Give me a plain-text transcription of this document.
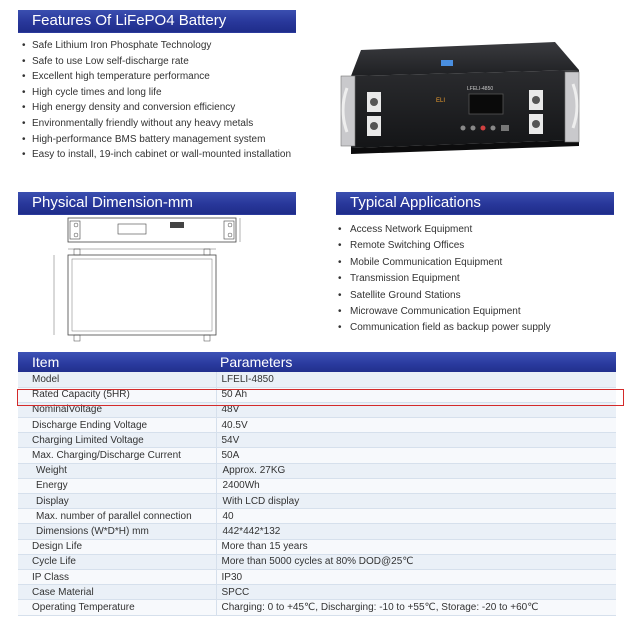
Features Of LiFePO4 Battery
• Safe Lithium Iron Phosphate Technology
• Safe to use Low self-discharge rate
• Excellent high temperature performance
• High cycle times and long life
• High energy density and conversion efficiency
• Environmentally friendly without any heavy metals
• High-performance BMS battery management system
• Easy to install, 19-inch cabinet or wall-mounted installation
ELI
LFELI-4850
Physical Dimension-mm	Typical Applications
• Access Network Equipment
• Remote Switching Offices
• Mobile Communication Equipment
• Transmission Equipment
• Satellite Ground Stations
• Microwave Communication Equipment
• Communication field as backup power supply
Item	Parameters
Model	LFELI-4850
Rated Capacity (5HR)	50 Ah
NominalVoltage	48V
Discharge Ending Voltage	40.5V
Charging Limited Voltage	54V
Max. Charging/Discharge Current	50A
Weight	Approx. 27KG
Energy	2400Wh
Display	With LCD display
Max. number of parallel connection	40
Dimensions (W*D*H) mm	442*442*132
Design Life	More than 15 years
Cycle Life	More than 5000 cycles at 80% DOD@25℃
IP Class	IP30
Case Material	SPCC
Operating Temperature	Charging: 0 to +45℃, Discharging: -10 to +55℃, Storage: -20 to +60℃
